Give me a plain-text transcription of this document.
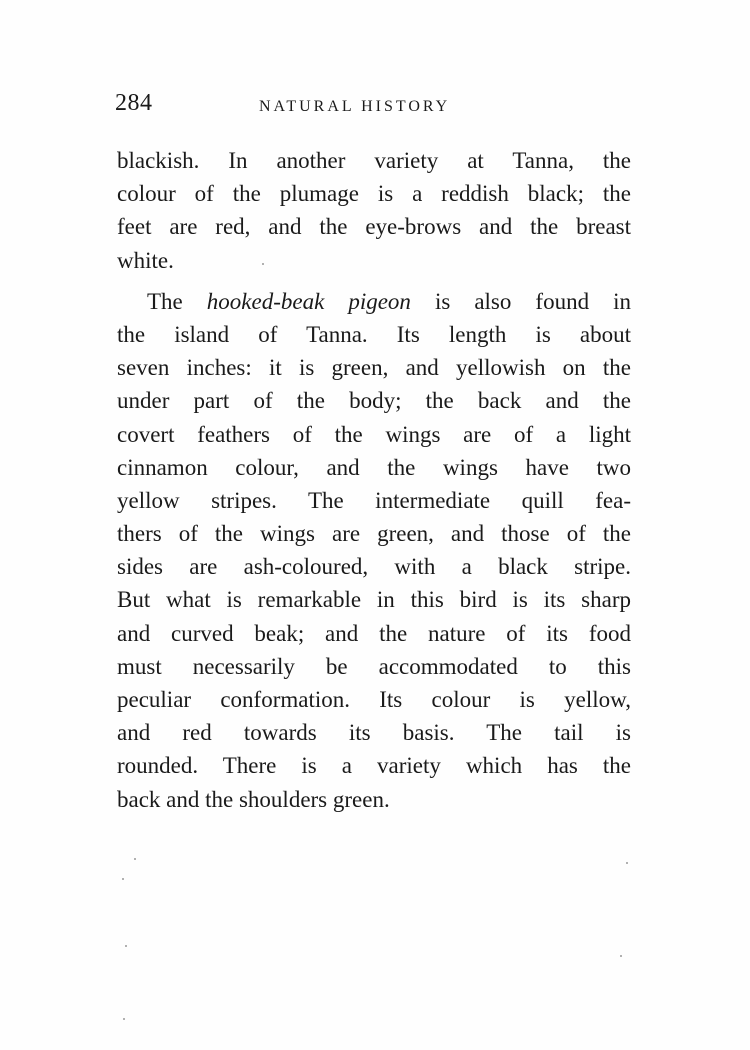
284	NATURAL HISTORY
blackish. In another variety at Tanna, the
colour of the plumage is a reddish black; the
feet are red, and the eye-brows and the breast
white.
The hooked-beak pigeon is also found in
the island of Tanna. Its length is about
seven inches: it is green, and yellowish on the
under part of the body; the back and the
covert feathers of the wings are of a light
cinnamon colour, and the wings have two
yellow stripes. The intermediate quill fea-
thers of the wings are green, and those of the
sides are ash-coloured, with a black stripe.
But what is remarkable in this bird is its sharp
and curved beak; and the nature of its food
must necessarily be accommodated to this
peculiar conformation. Its colour is yellow,
and red towards its basis. The tail is
rounded. There is a variety which has the
back and the shoulders green.
